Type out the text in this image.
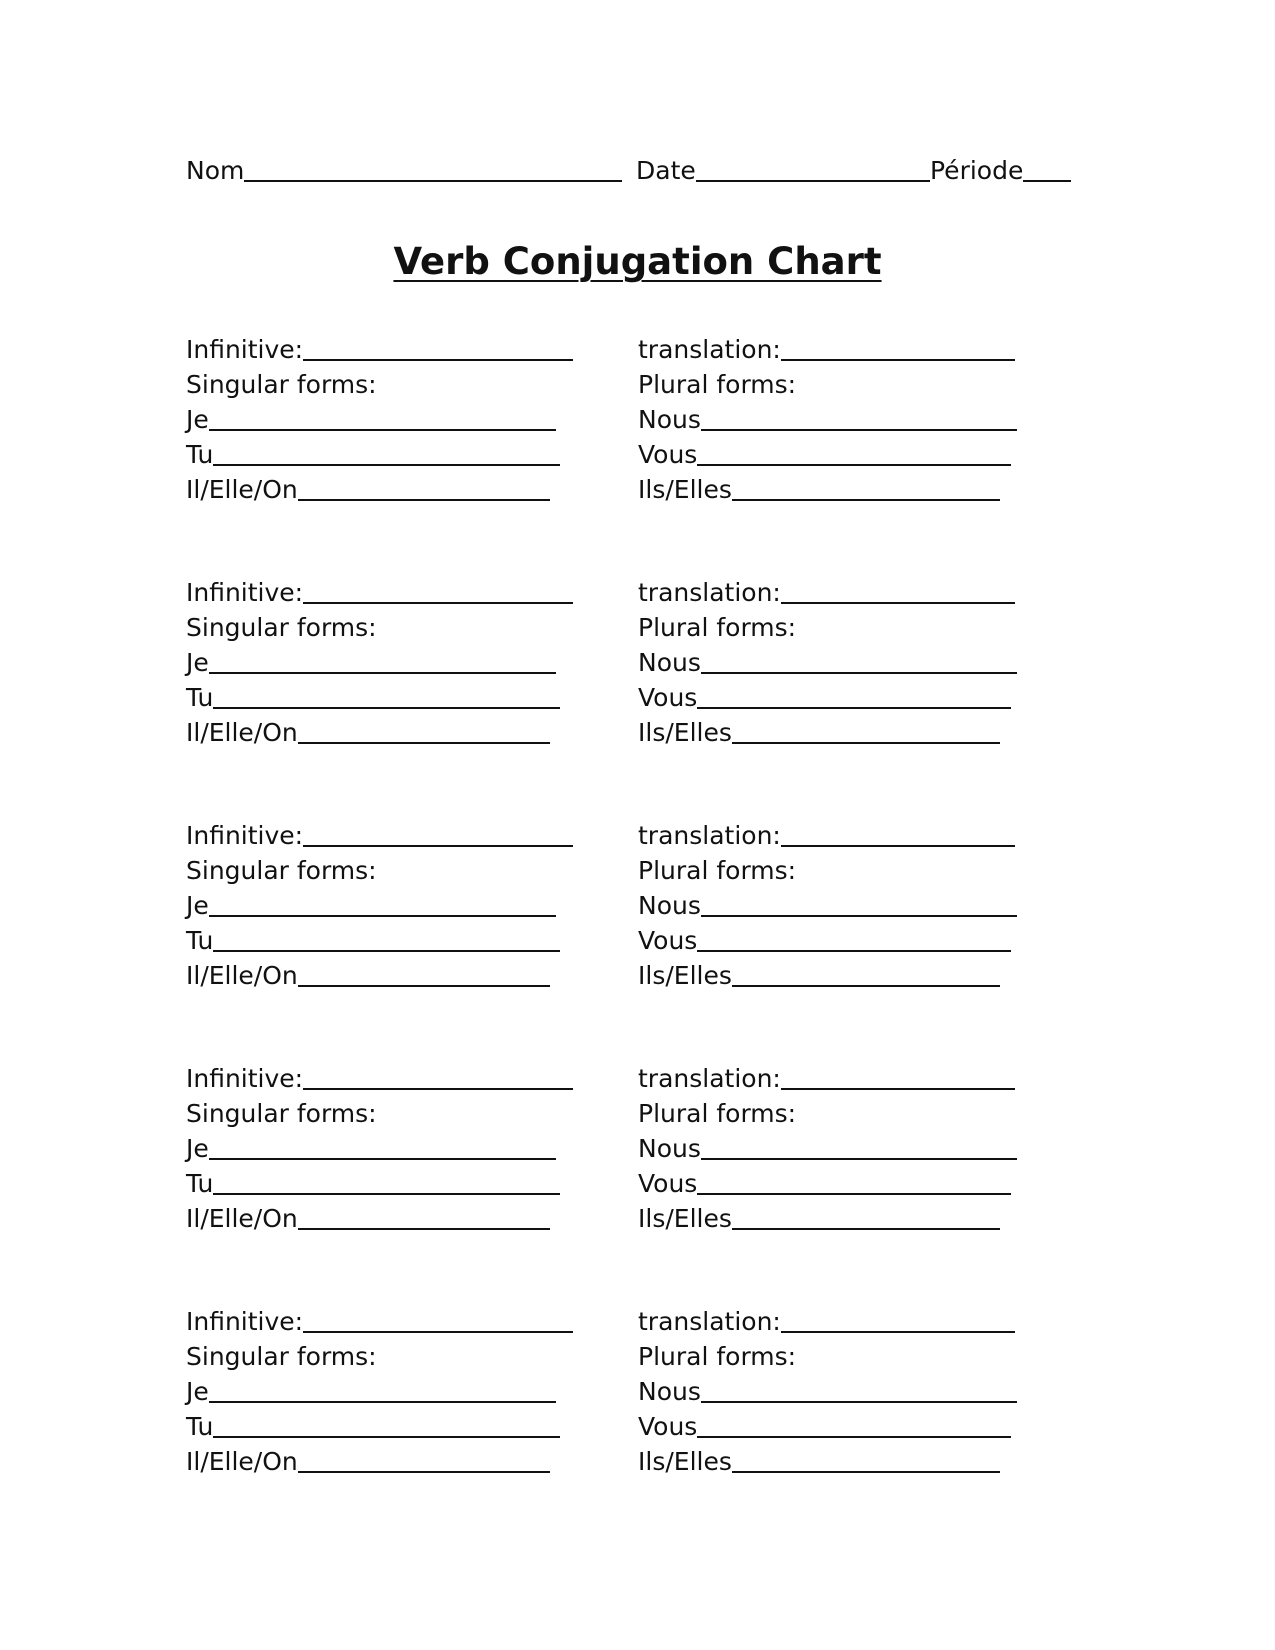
Nom	Date	Période
Verb Conjugation Chart
Infinitive:
Singular forms:
Je
Tu
Il/Elle/On
translation:
Plural forms:
Nous
Vous
Ils/Elles
Infinitive:
Singular forms:
Je
Tu
Il/Elle/On
translation:
Plural forms:
Nous
Vous
Ils/Elles
Infinitive:
Singular forms:
Je
Tu
Il/Elle/On
translation:
Plural forms:
Nous
Vous
Ils/Elles
Infinitive:
Singular forms:
Je
Tu
Il/Elle/On
translation:
Plural forms:
Nous
Vous
Ils/Elles
Infinitive:
Singular forms:
Je
Tu
Il/Elle/On
translation:
Plural forms:
Nous
Vous
Ils/Elles
